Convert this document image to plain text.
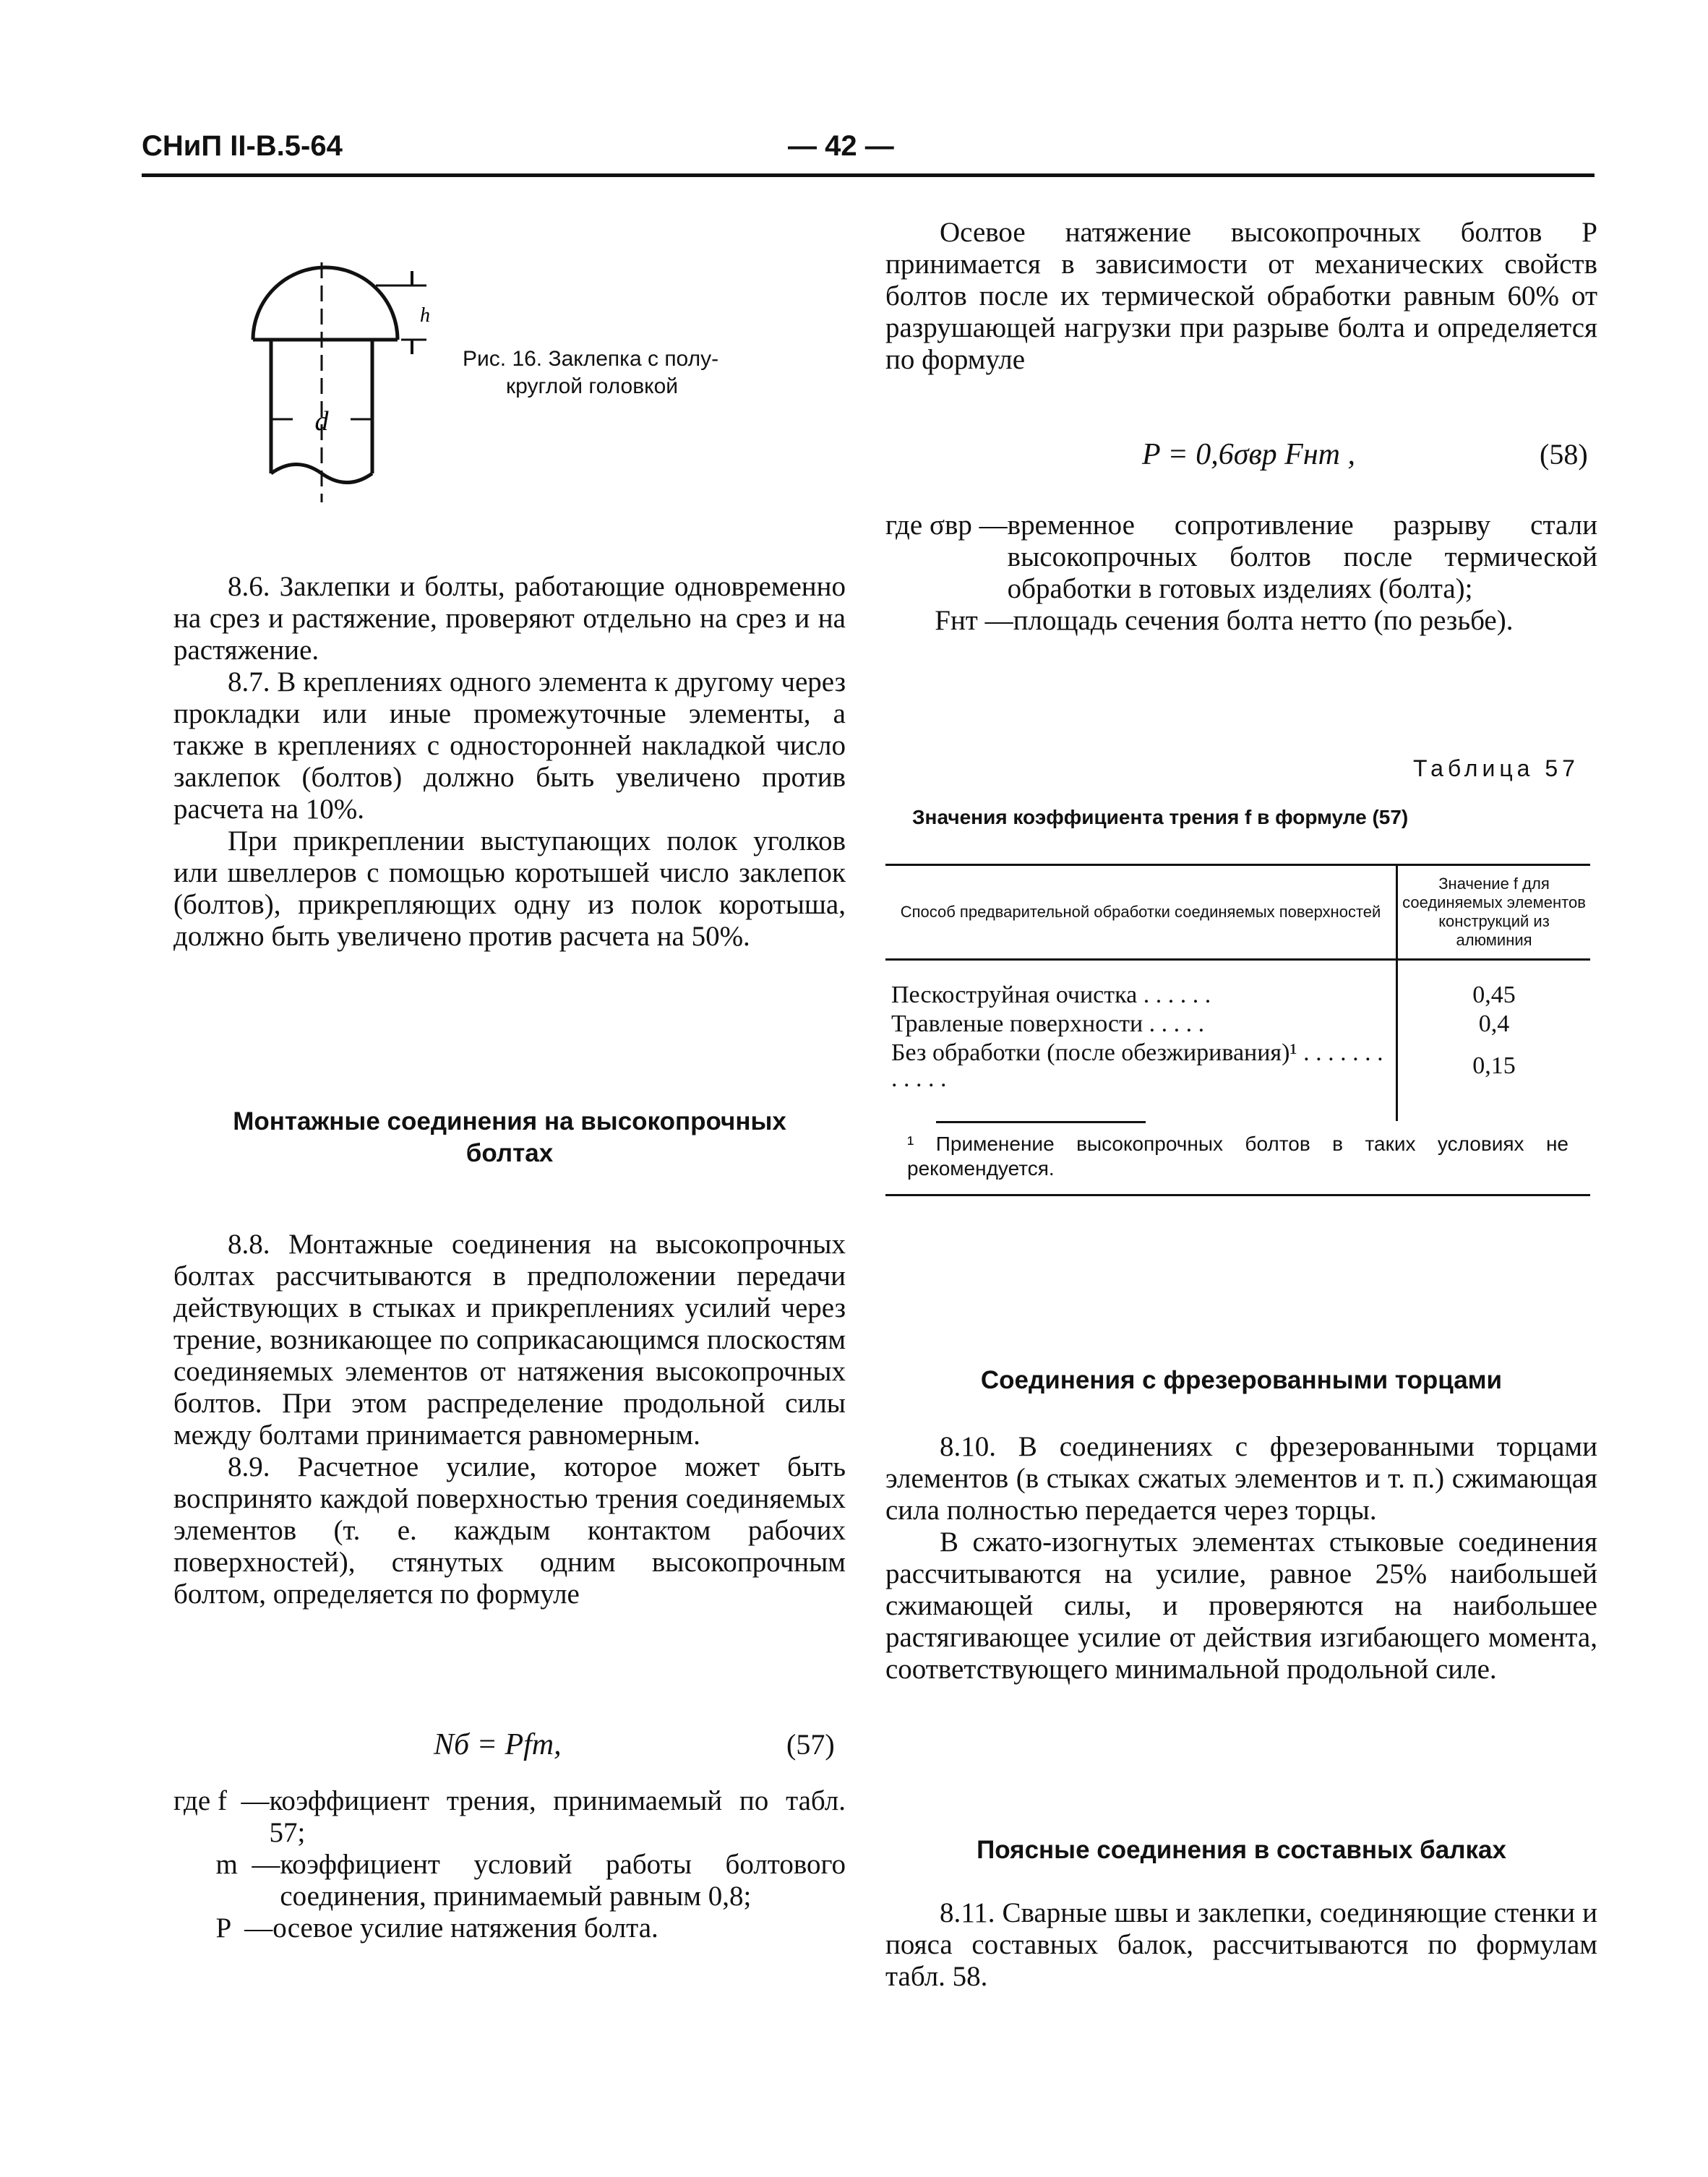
СНиП II-В.5-64	— 42 —
d
h
Рис. 16. Заклепка с полу-
круглой головкой

8.6. Заклепки и болты, работающие одновременно на срез и растяжение, проверяют отдельно на срез и на растяжение.

8.7. В креплениях одного элемента к другому через прокладки или иные промежуточные элементы, а также в креплениях с односторонней накладкой число заклепок (болтов) должно быть увеличено против расчета на 10%.

При прикреплении выступающих полок уголков или швеллеров с помощью коротышей число заклепок (болтов), прикрепляющих одну из полок коротыша, должно быть увеличено против расчета на 50%.

Монтажные соединения на высокопрочных
болтах

8.8. Монтажные соединения на высокопрочных болтах рассчитываются в предположении передачи действующих в стыках и прикреплениях усилий через трение, возникающее по соприкасающимся плоскостям соединяемых элементов от натяжения высокопрочных болтов. При этом распределение продольной силы между болтами принимается равномерным.

8.9. Расчетное усилие, которое может быть воспринято каждой поверхностью трения соединяемых элементов (т. е. каждым контактом рабочих поверхностей), стянутых одним высокопрочным болтом, определяется по формуле

Nб = Pfm,	(57)
где f  — коэффициент трения, принимаемый по табл. 57;
m  — коэффициент условий работы болтового соединения, принимаемый равным 0,8;
P  — осевое усилие натяжения болта.

Осевое натяжение высокопрочных болтов P принимается в зависимости от механических свойств болтов после их термической обработки равным 60% от разрушающей нагрузки при разрыве болта и определяется по формуле

P = 0,6σвр Fнт ,	(58)
где σвр — временное сопротивление разрыву стали высокопрочных болтов после термической обработки в готовых изделиях (болта);
Fнт — площадь сечения болта нетто (по резьбе).
Таблица 57
Значения коэффициента трения f в формуле (57)
Способ предварительной обработки соединяемых поверхностей	Значение f для соединяемых элементов конструкций из алюминия
Пескоструйная очистка . . . . . .	0,45
Травленые поверхности . . . . .	0,4
Без обработки (после обезжиривания)¹ . . . . . . . . . . . .	0,15
¹ Применение высокопрочных болтов в таких условиях не рекомендуется.

Соединения с фрезерованными торцами

8.10. В соединениях с фрезерованными торцами элементов (в стыках сжатых элементов и т. п.) сжимающая сила полностью передается через торцы.

В сжато-изогнутых элементах стыковые соединения рассчитываются на усилие, равное 25% наибольшей сжимающей силы, и проверяются на наибольшее растягивающее усилие от действия изгибающего момента, соответствующего минимальной продольной силе.

Поясные соединения в составных балках

8.11. Сварные швы и заклепки, соединяющие стенки и пояса составных балок, рассчитываются по формулам табл. 58.
